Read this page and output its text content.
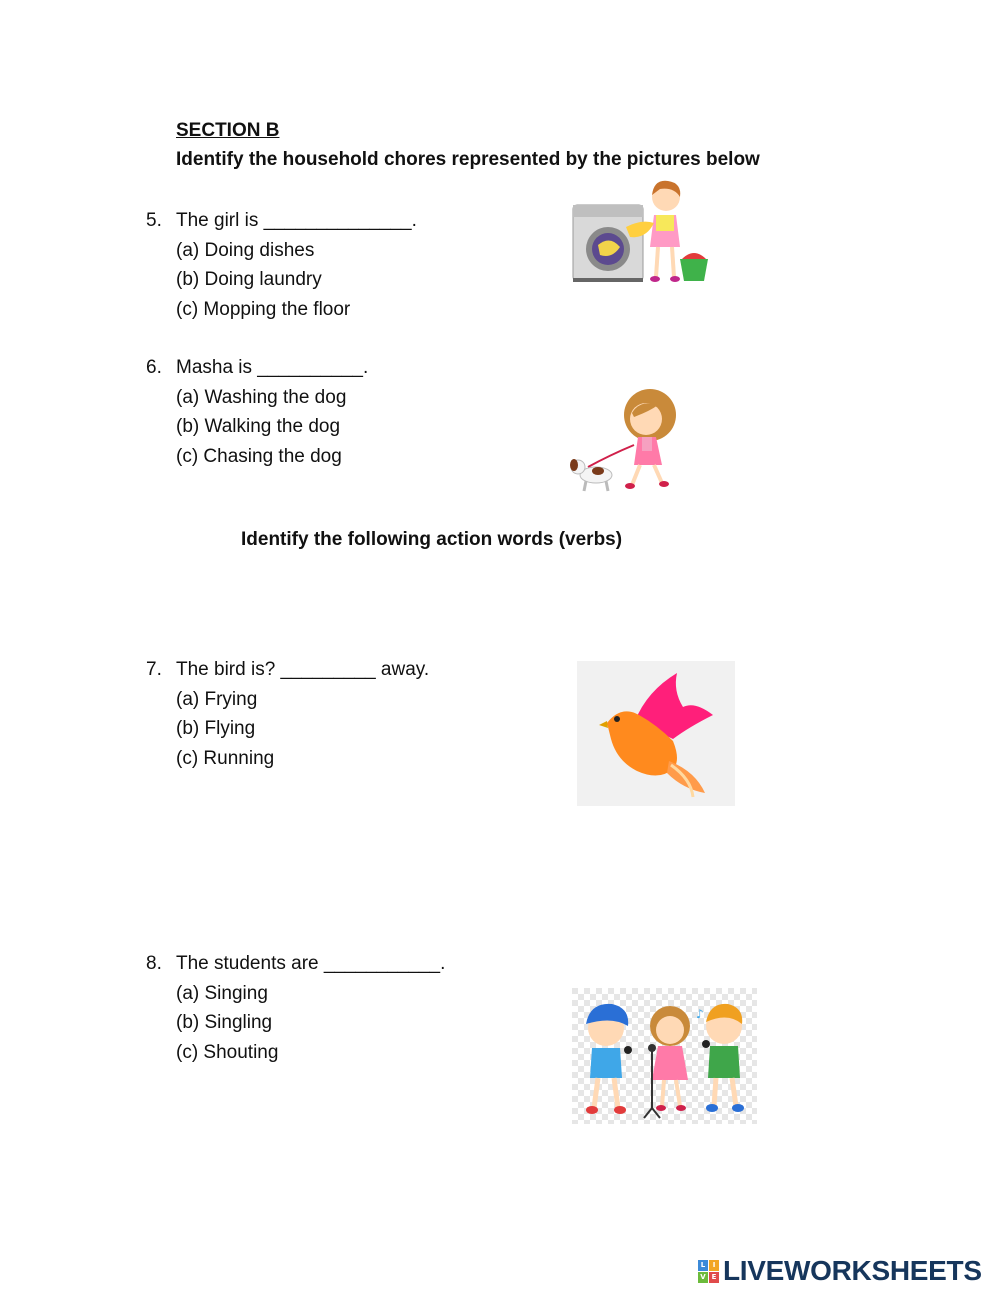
SECTION B
Identify the household chores represented by the pictures below
5. The girl is ______________.
(a) Doing dishes
(b) Doing laundry
(c) Mopping the floor
6. Masha is __________.
(a) Washing the dog
(b) Walking the dog
(c) Chasing the dog
Identify the following action words (verbs)
7. The bird is? _________ away.
(a) Frying
(b) Flying
(c) Running
8. The students are ___________.
(a) Singing
(b) Singling
(c) Shouting
♪
L	I
V E LIVEWORKSHEETS
